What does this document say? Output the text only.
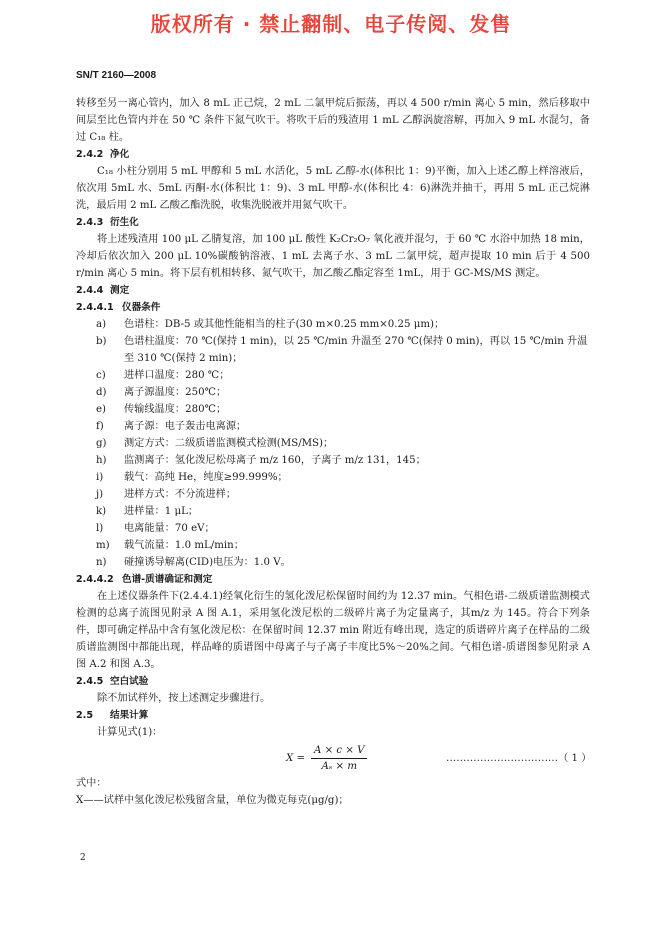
版权所有 · 禁止翻制、电子传阅、发售
SN/T 2160—2008

转移至另一离心管内，加入 8 mL 正己烷，2 mL 二氯甲烷后振荡，再以 4 500 r/min 离心 5 min，然后移取中间层至比色管内并在 50 ℃ 条件下氮气吹干。将吹干后的残渣用 1 mL 乙醇涡旋溶解，再加入 9 mL 水混匀，备过 C₁₈ 柱。

2.4.2 净化

C₁₈ 小柱分别用 5 mL 甲醇和 5 mL 水活化，5 mL 乙醇-水(体积比 1：9)平衡，加入上述乙醇上样溶液后，依次用 5mL 水、5mL 丙酮-水(体积比 1：9)、3 mL 甲醇-水(体积比 4：6)淋洗并抽干，再用 5 mL 正己烷淋洗，最后用 2 mL 乙酸乙酯洗脱，收集洗脱液并用氮气吹干。

2.4.3 衍生化

将上述残渣用 100 μL 乙腈复溶，加 100 μL 酸性 K₂Cr₂O₇ 氧化液并混匀，于 60 ℃ 水浴中加热 18 min，冷却后依次加入 200 μL 10%碳酸钠溶液、1 mL 去离子水、3 mL 二氯甲烷，超声提取 10 min 后于 4 500 r/min 离心 5 min。将下层有机相转移、氮气吹干，加乙酸乙酯定容至 1mL，用于 GC-MS/MS 测定。

2.4.4 测定

2.4.4.1 仪器条件

a)	色谱柱：DB-5 或其他性能相当的柱子(30 m×0.25 mm×0.25 μm)；
b)	色谱柱温度：70 ℃(保持 1 min)，以 25 ℃/min 升温至 270 ℃(保持 0 min)，再以 15 ℃/min 升温至 310 ℃(保持 2 min)；
c)	进样口温度：280 ℃；
d)	离子源温度：250℃；
e)	传输线温度：280℃；
f)	离子源：电子轰击电离源；
g)	测定方式：二级质谱监测模式检测(MS/MS)；
h)	监测离子：氢化泼尼松母离子 m/z 160，子离子 m/z 131，145；
i)	载气：高纯 He，纯度≥99.999%；
j)	进样方式：不分流进样；
k)	进样量：1 μL；
l)	电离能量：70 eV；
m)	载气流量：1.0 mL/min；
n)	碰撞诱导解离(CID)电压为：1.0 V。

2.4.4.2 色谱-质谱确证和测定

在上述仪器条件下(2.4.4.1)经氧化衍生的氢化泼尼松保留时间约为 12.37 min。气相色谱-二级质谱监测模式检测的总离子流图见附录 A 图 A.1，采用氢化泼尼松的二级碎片离子为定量离子，其m/z 为 145。符合下列条件，即可确定样品中含有氢化泼尼松：在保留时间 12.37 min 附近有峰出现，选定的质谱碎片离子在样品的二级质谱监测图中都能出现，样品峰的质谱图中母离子与子离子丰度比5%～20%之间。气相色谱-质谱图参见附录 A 图 A.2 和图 A.3。

2.4.5 空白试验

除不加试样外，按上述测定步骤进行。

2.5 结果计算

计算见式(1)：

$X = \frac{A \times c \times V}{\text{Aₛ × m}}$	……………………………（ 1 ）

式中：

X——试样中氢化泼尼松残留含量，单位为微克每克(μg/g)；

2
